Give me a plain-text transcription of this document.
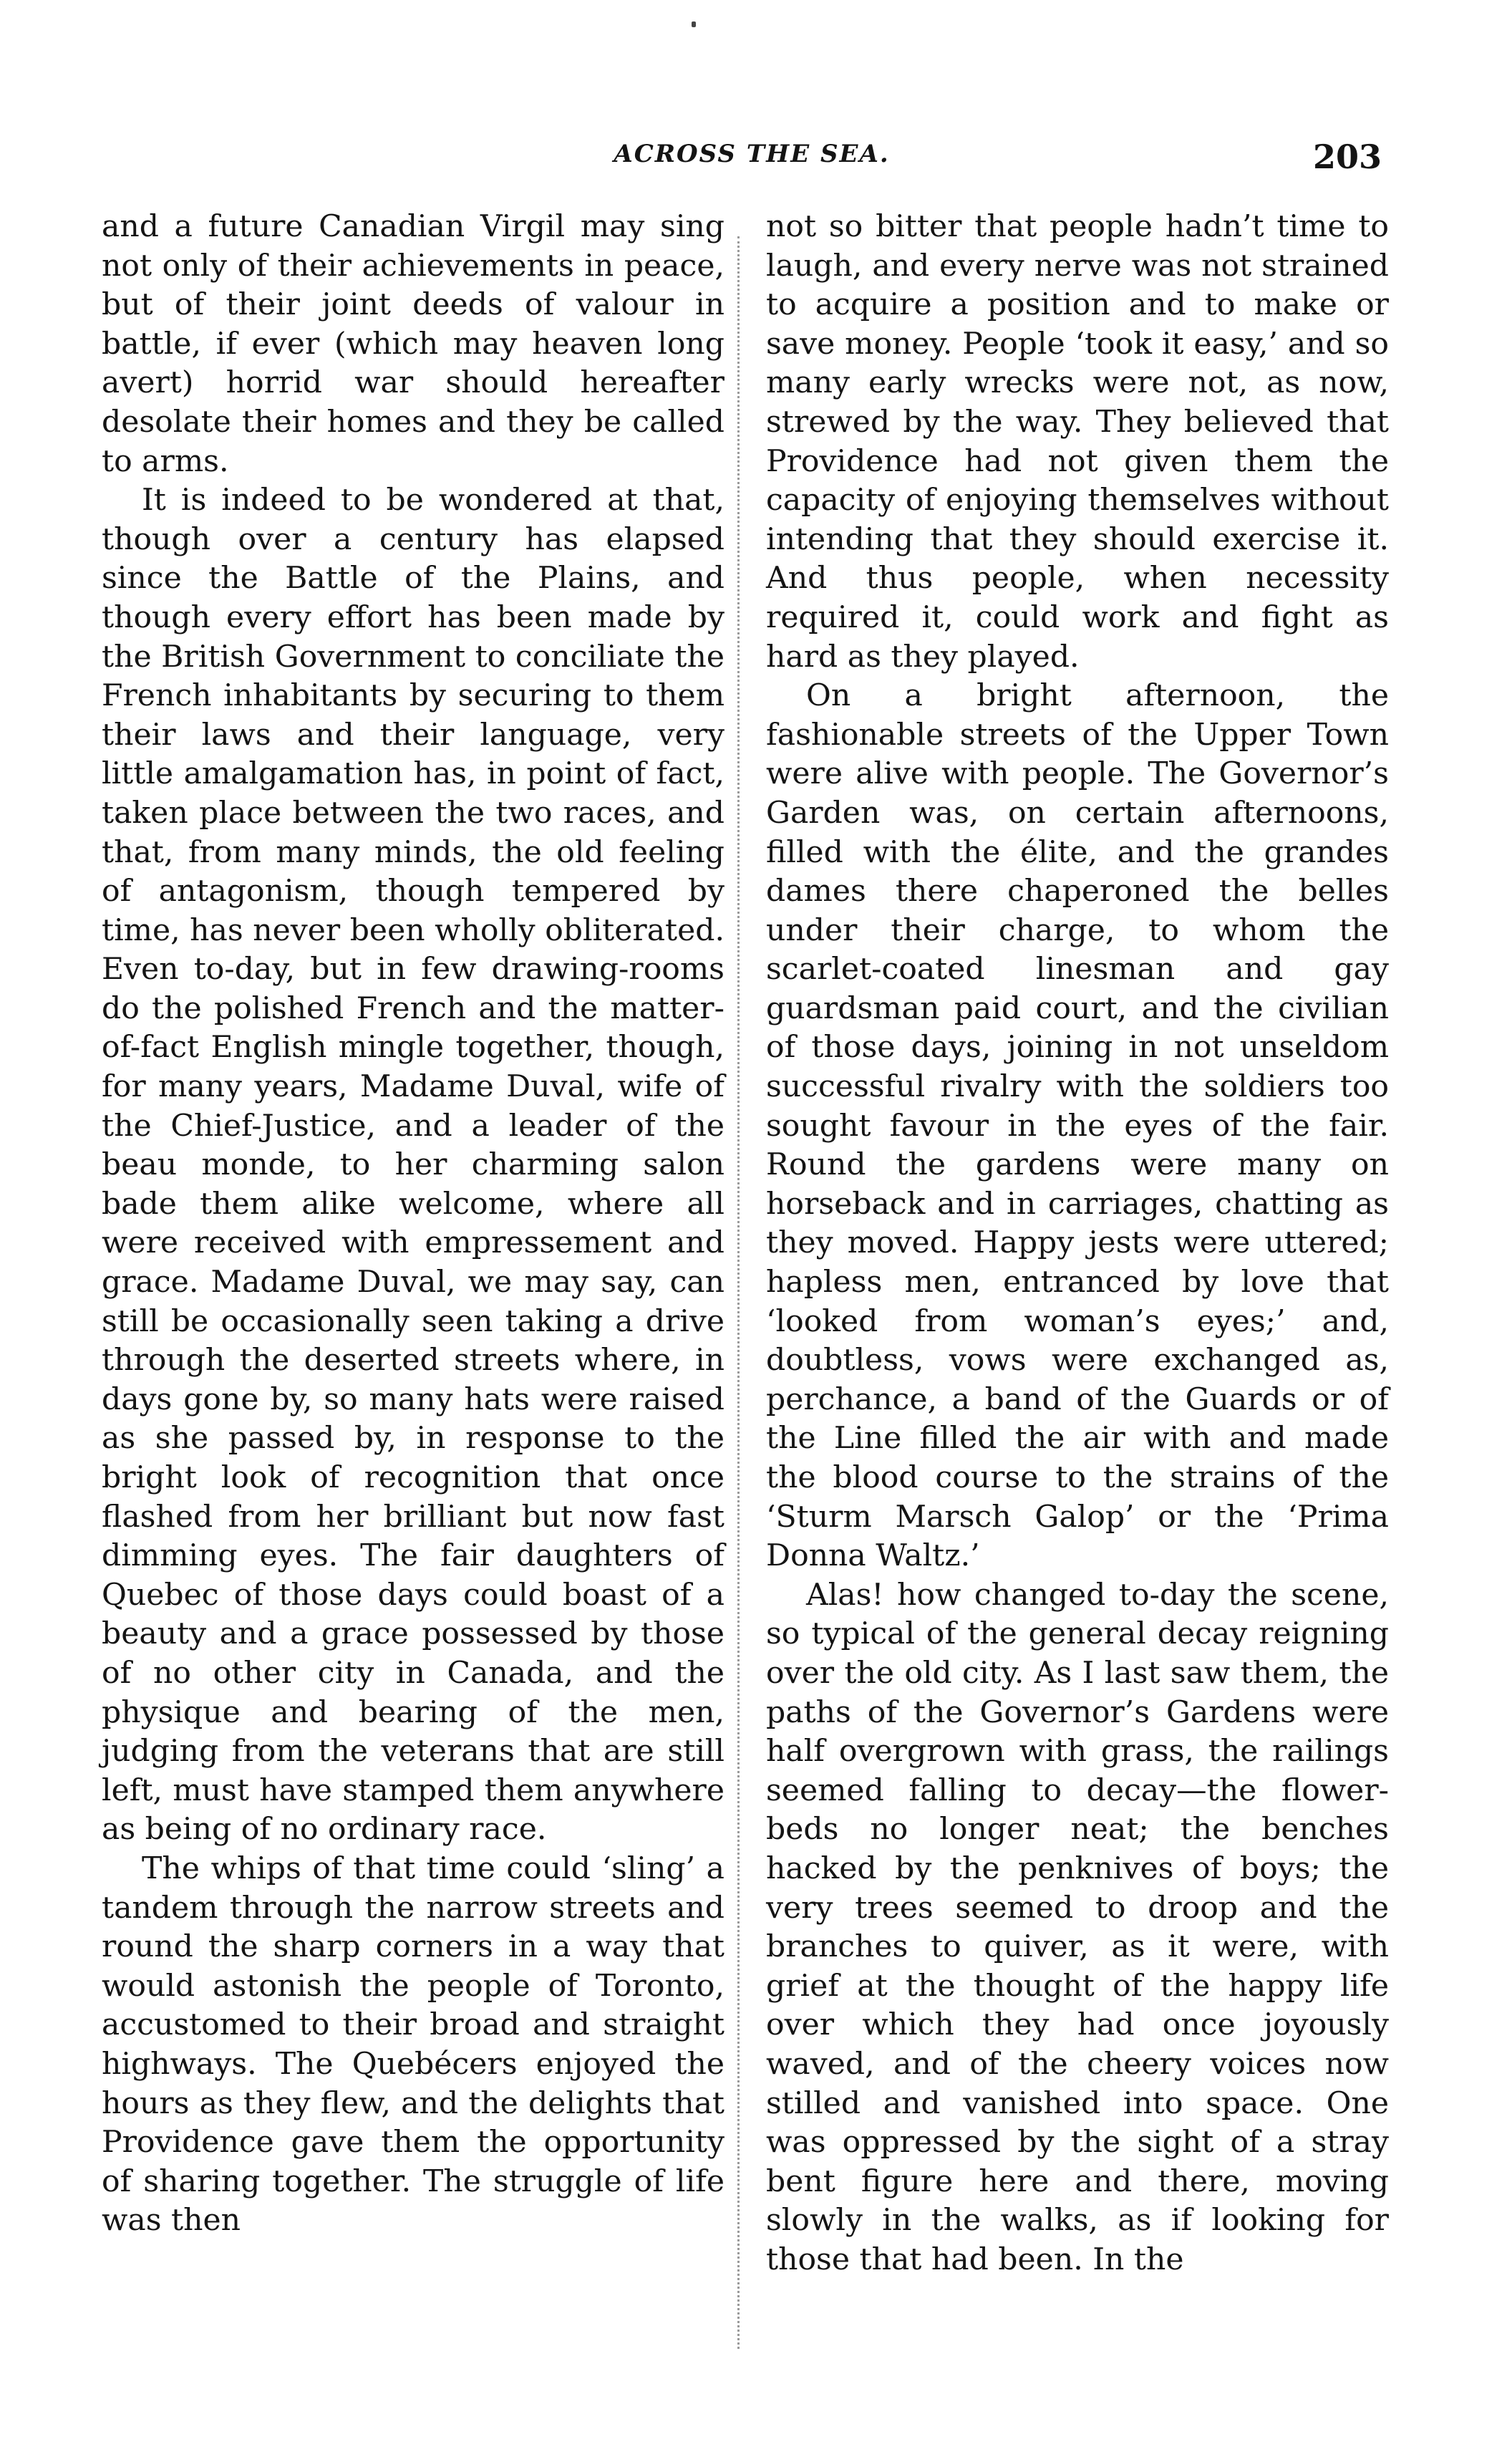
ACROSS THE SEA.	203

and a future Canadian Virgil may sing not only of their achievements in peace, but of their joint deeds of valour in battle, if ever (which may heaven long avert) horrid war should hereafter desolate their homes and they be called to arms.

It is indeed to be wondered at that, though over a century has elapsed since the Battle of the Plains, and though every effort has been made by the British Government to conciliate the French inhabitants by securing to them their laws and their language, very little amalgamation has, in point of fact, taken place between the two races, and that, from many minds, the old feeling of antagonism, though tempered by time, has never been wholly obliterated. Even to-day, but in few drawing-rooms do the polished French and the matter-of-fact English mingle together, though, for many years, Madame Duval, wife of the Chief-Justice, and a leader of the beau monde, to her charming salon bade them alike welcome, where all were received with empressement and grace. Madame Duval, we may say, can still be occasionally seen taking a drive through the deserted streets where, in days gone by, so many hats were raised as she passed by, in response to the bright look of recognition that once flashed from her brilliant but now fast dimming eyes. The fair daughters of Quebec of those days could boast of a beauty and a grace possessed by those of no other city in Canada, and the physique and bearing of the men, judging from the veterans that are still left, must have stamped them anywhere as being of no ordinary race.

The whips of that time could ‘sling’ a tandem through the narrow streets and round the sharp corners in a way that would astonish the people of Toronto, accustomed to their broad and straight highways. The Quebécers enjoyed the hours as they flew, and the delights that Providence gave them the opportunity of sharing together. The struggle of life was then

not so bitter that people hadn’t time to laugh, and every nerve was not strained to acquire a position and to make or save money. People ‘took it easy,’ and so many early wrecks were not, as now, strewed by the way. They believed that Providence had not given them the capacity of enjoying themselves without intending that they should exercise it. And thus people, when necessity required it, could work and fight as hard as they played.

On a bright afternoon, the fashionable streets of the Upper Town were alive with people. The Governor’s Garden was, on certain afternoons, filled with the élite, and the grandes dames there chaperoned the belles under their charge, to whom the scarlet-coated linesman and gay guardsman paid court, and the civilian of those days, joining in not unseldom successful rivalry with the soldiers too sought favour in the eyes of the fair. Round the gardens were many on horseback and in carriages, chatting as they moved. Happy jests were uttered; hapless men, entranced by love that ‘looked from woman’s eyes;’ and, doubtless, vows were exchanged as, perchance, a band of the Guards or of the Line filled the air with and made the blood course to the strains of the ‘Sturm Marsch Galop’ or the ‘Prima Donna Waltz.’

Alas! how changed to-day the scene, so typical of the general decay reigning over the old city. As I last saw them, the paths of the Governor’s Gardens were half overgrown with grass, the railings seemed falling to decay—the flower-beds no longer neat; the benches hacked by the penknives of boys; the very trees seemed to droop and the branches to quiver, as it were, with grief at the thought of the happy life over which they had once joyously waved, and of the cheery voices now stilled and vanished into space. One was oppressed by the sight of a stray bent figure here and there, moving slowly in the walks, as if looking for those that had been. In the
